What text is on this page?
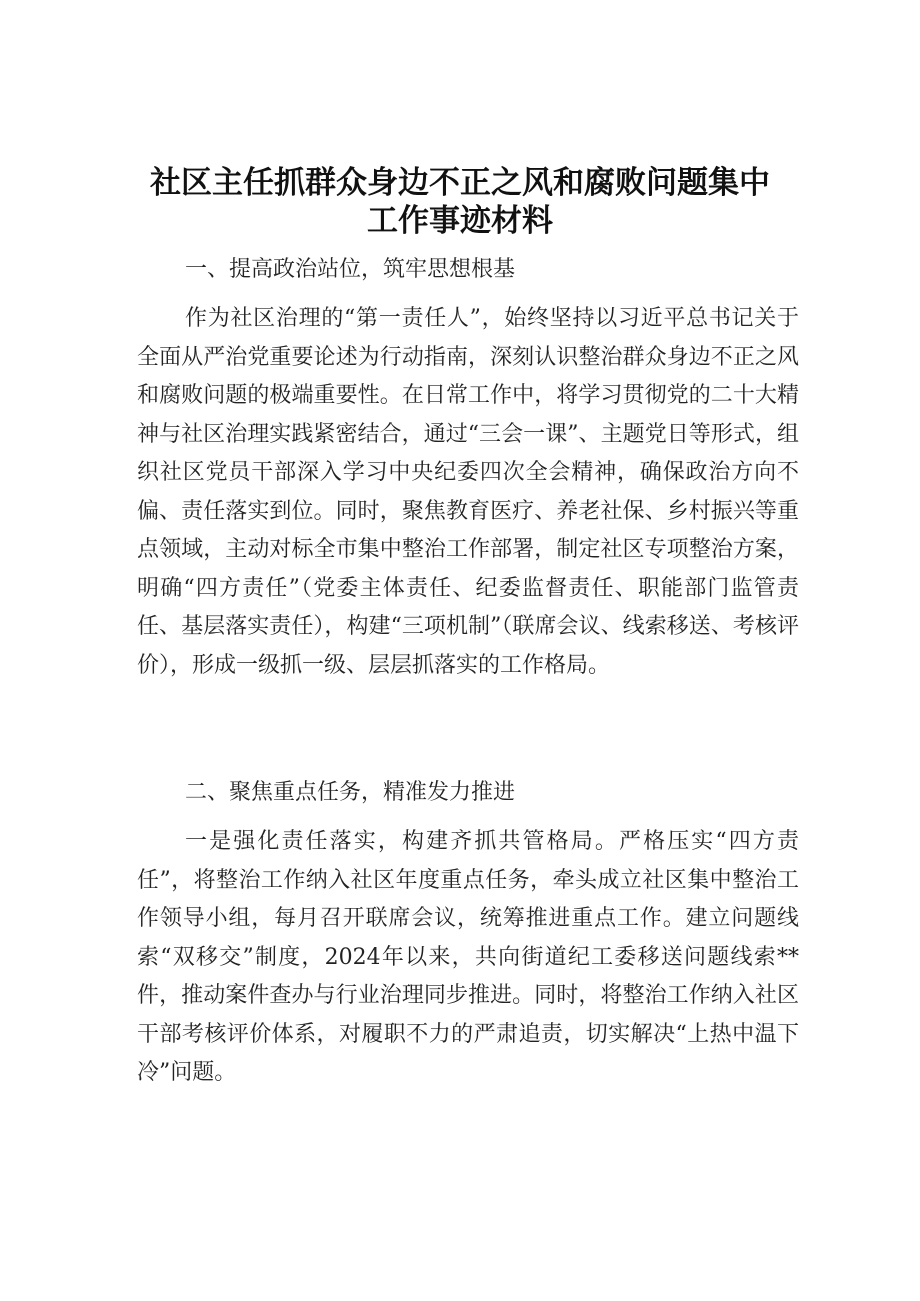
社区主任抓群众身边不正之风和腐败问题集中
工作事迹材料
一、提高政治站位，筑牢思想根基

作为社区治理的“第一责任人”，始终坚持以习近平总书记关于全面从严治党重要论述为行动指南，深刻认识整治群众身边不正之风和腐败问题的极端重要性。在日常工作中，将学习贯彻党的二十大精神与社区治理实践紧密结合，通过“三会一课”、主题党日等形式，组织社区党员干部深入学习中央纪委四次全会精神，确保政治方向不偏、责任落实到位。同时，聚焦教育医疗、养老社保、乡村振兴等重点领域，主动对标全市集中整治工作部署，制定社区专项整治方案，明确“四方责任”（党委主体责任、纪委监督责任、职能部门监管责任、基层落实责任），构建“三项机制”（联席会议、线索移送、考核评价），形成一级抓一级、层层抓落实的工作格局。

二、聚焦重点任务，精准发力推进

一是强化责任落实，构建齐抓共管格局。严格压实“四方责任”，将整治工作纳入社区年度重点任务，牵头成立社区集中整治工作领导小组，每月召开联席会议，统筹推进重点工作。建立问题线索“双移交”制度，2024年以来，共向街道纪工委移送问题线索**件，推动案件查办与行业治理同步推进。同时，将整治工作纳入社区干部考核评价体系，对履职不力的严肃追责，切实解决“上热中温下冷”问题。
